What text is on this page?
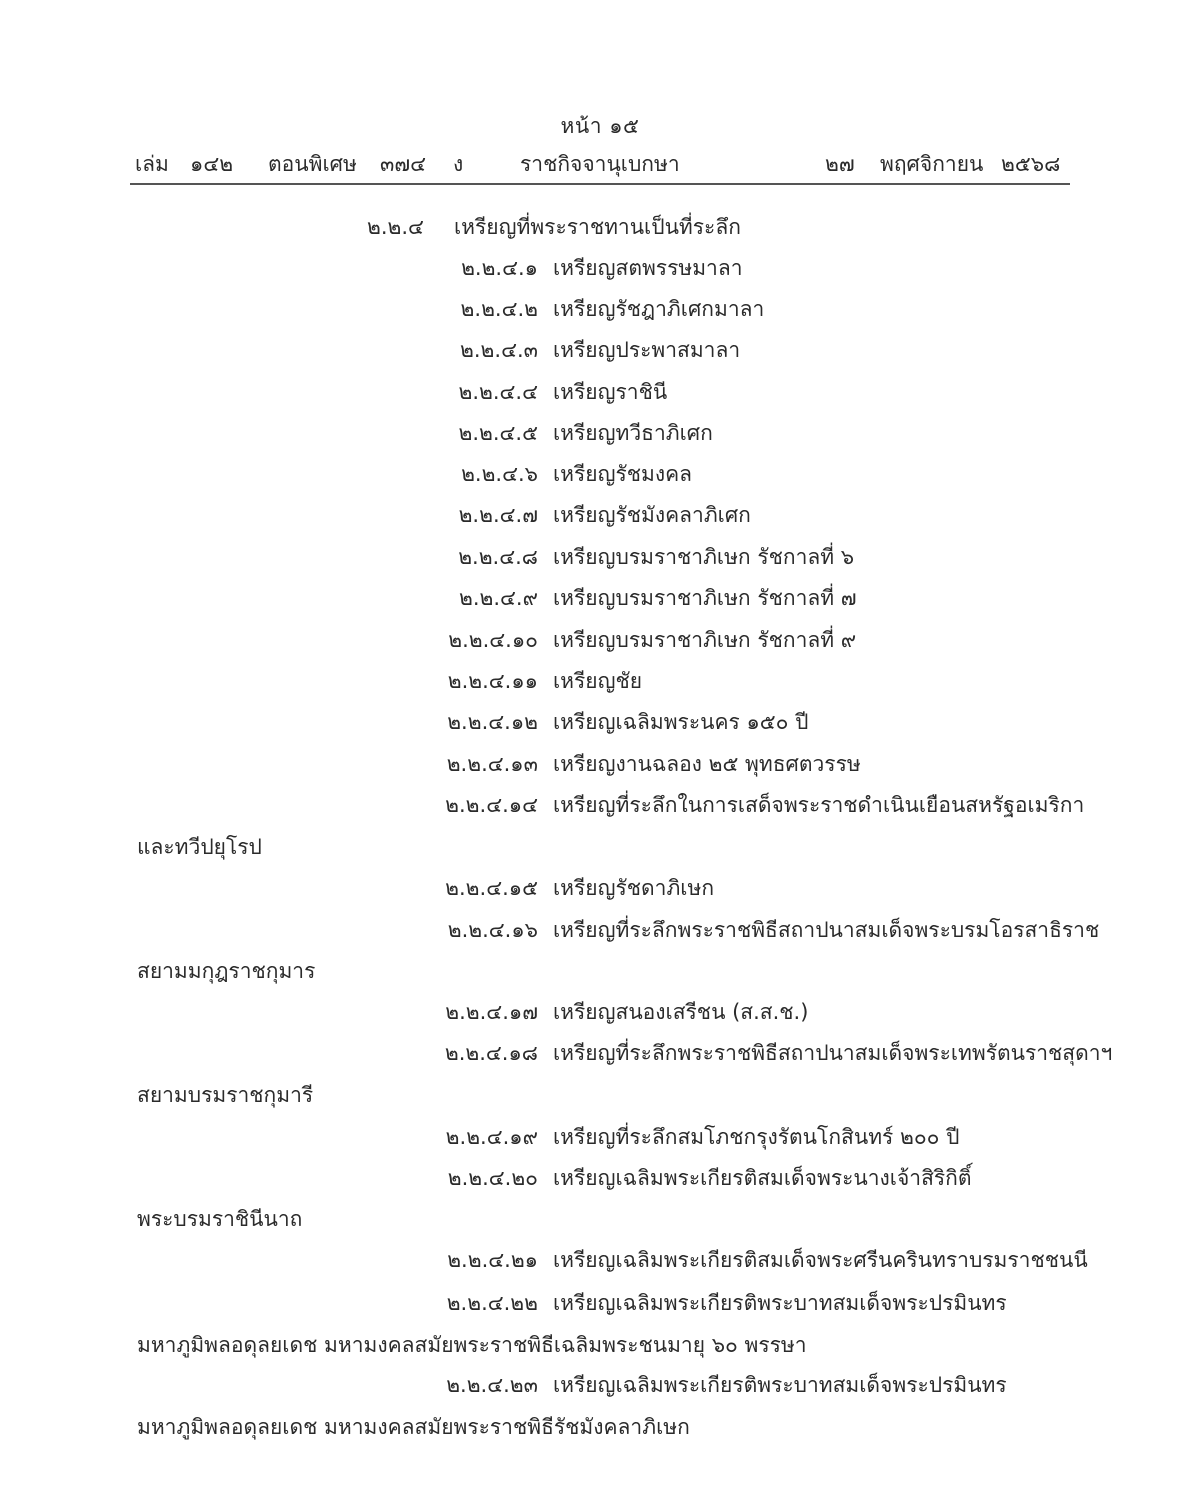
หน้า ๑๕
เล่ม ๑๔๒ ตอนพิเศษ ๓๗๔ ง	ราชกิจจานุเบกษา	๒๗ พฤศจิกายน ๒๕๖๘
๒.๒.๔ เหรียญที่พระราชทานเป็นที่ระลึก
๒.๒.๔.๑ เหรียญสตพรรษมาลา
๒.๒.๔.๒ เหรียญรัชฎาภิเศกมาลา
๒.๒.๔.๓ เหรียญประพาสมาลา
๒.๒.๔.๔ เหรียญราชินี
๒.๒.๔.๕ เหรียญทวีธาภิเศก
๒.๒.๔.๖ เหรียญรัชมงคล
๒.๒.๔.๗ เหรียญรัชมังคลาภิเศก
๒.๒.๔.๘ เหรียญบรมราชาภิเษก รัชกาลที่ ๖
๒.๒.๔.๙ เหรียญบรมราชาภิเษก รัชกาลที่ ๗
๒.๒.๔.๑๐ เหรียญบรมราชาภิเษก รัชกาลที่ ๙
๒.๒.๔.๑๑ เหรียญชัย
๒.๒.๔.๑๒ เหรียญเฉลิมพระนคร ๑๕๐ ปี
๒.๒.๔.๑๓ เหรียญงานฉลอง ๒๕ พุทธศตวรรษ
๒.๒.๔.๑๔ เหรียญที่ระลึกในการเสด็จพระราชดำเนินเยือนสหรัฐอเมริกา
และทวีปยุโรป
๒.๒.๔.๑๕ เหรียญรัชดาภิเษก
๒.๒.๔.๑๖ เหรียญที่ระลึกพระราชพิธีสถาปนาสมเด็จพระบรมโอรสาธิราช
สยามมกุฎราชกุมาร
๒.๒.๔.๑๗ เหรียญสนองเสรีชน (ส.ส.ช.)
๒.๒.๔.๑๘ เหรียญที่ระลึกพระราชพิธีสถาปนาสมเด็จพระเทพรัตนราชสุดาฯ
สยามบรมราชกุมารี
๒.๒.๔.๑๙ เหรียญที่ระลึกสมโภชกรุงรัตนโกสินทร์ ๒๐๐ ปี
๒.๒.๔.๒๐ เหรียญเฉลิมพระเกียรติสมเด็จพระนางเจ้าสิริกิติ์
พระบรมราชินีนาถ
๒.๒.๔.๒๑ เหรียญเฉลิมพระเกียรติสมเด็จพระศรีนครินทราบรมราชชนนี
๒.๒.๔.๒๒ เหรียญเฉลิมพระเกียรติพระบาทสมเด็จพระปรมินทร
มหาภูมิพลอดุลยเดช มหามงคลสมัยพระราชพิธีเฉลิมพระชนมายุ ๖๐ พรรษา
๒.๒.๔.๒๓ เหรียญเฉลิมพระเกียรติพระบาทสมเด็จพระปรมินทร
มหาภูมิพลอดุลยเดช มหามงคลสมัยพระราชพิธีรัชมังคลาภิเษก
